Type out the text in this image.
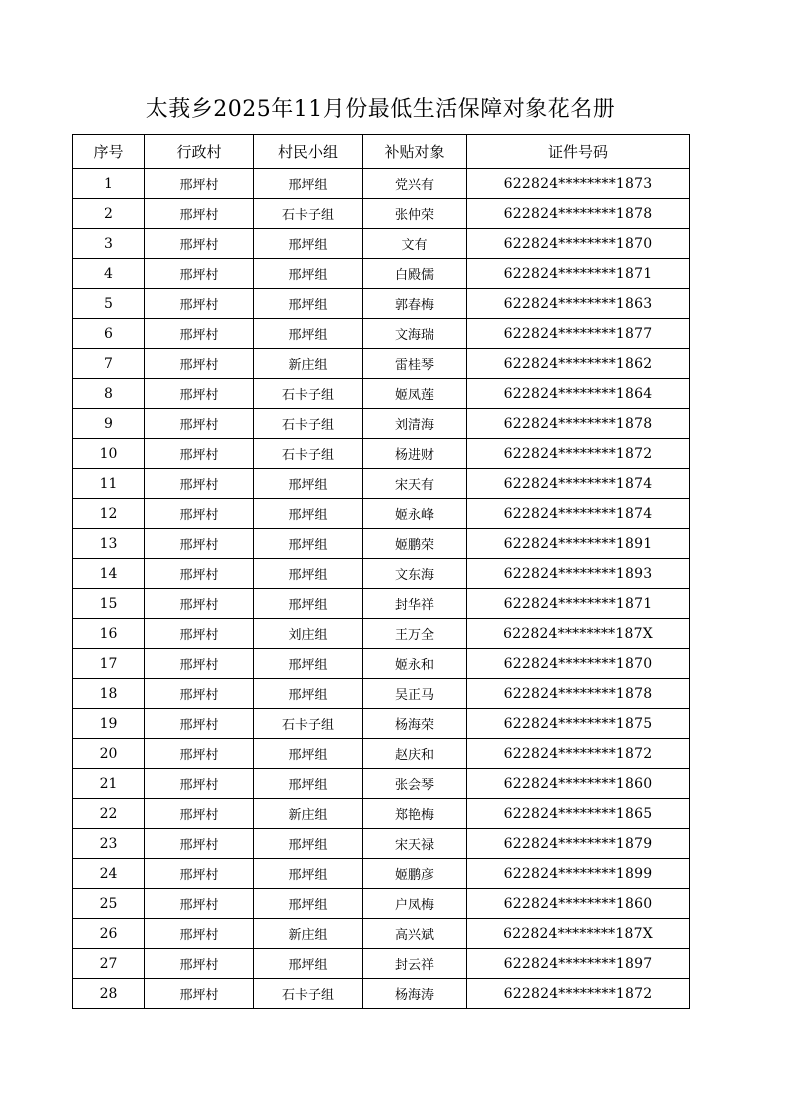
太莪乡2025年11月份最低生活保障对象花名册
序号	行政村	村民小组	补贴对象	证件号码
1	邢坪村	邢坪组	党兴有	622824********1873
2	邢坪村	石卡子组	张仲荣	622824********1878
3	邢坪村	邢坪组	文有	622824********1870
4	邢坪村	邢坪组	白殿儒	622824********1871
5	邢坪村	邢坪组	郭春梅	622824********1863
6	邢坪村	邢坪组	文海瑞	622824********1877
7	邢坪村	新庄组	雷桂琴	622824********1862
8	邢坪村	石卡子组	姬凤莲	622824********1864
9	邢坪村	石卡子组	刘清海	622824********1878
10	邢坪村	石卡子组	杨进财	622824********1872
11	邢坪村	邢坪组	宋天有	622824********1874
12	邢坪村	邢坪组	姬永峰	622824********1874
13	邢坪村	邢坪组	姬鹏荣	622824********1891
14	邢坪村	邢坪组	文东海	622824********1893
15	邢坪村	邢坪组	封华祥	622824********1871
16	邢坪村	刘庄组	王万全	622824********187X
17	邢坪村	邢坪组	姬永和	622824********1870
18	邢坪村	邢坪组	吴正马	622824********1878
19	邢坪村	石卡子组	杨海荣	622824********1875
20	邢坪村	邢坪组	赵庆和	622824********1872
21	邢坪村	邢坪组	张会琴	622824********1860
22	邢坪村	新庄组	郑艳梅	622824********1865
23	邢坪村	邢坪组	宋天禄	622824********1879
24	邢坪村	邢坪组	姬鹏彦	622824********1899
25	邢坪村	邢坪组	户凤梅	622824********1860
26	邢坪村	新庄组	高兴斌	622824********187X
27	邢坪村	邢坪组	封云祥	622824********1897
28	邢坪村	石卡子组	杨海涛	622824********1872
